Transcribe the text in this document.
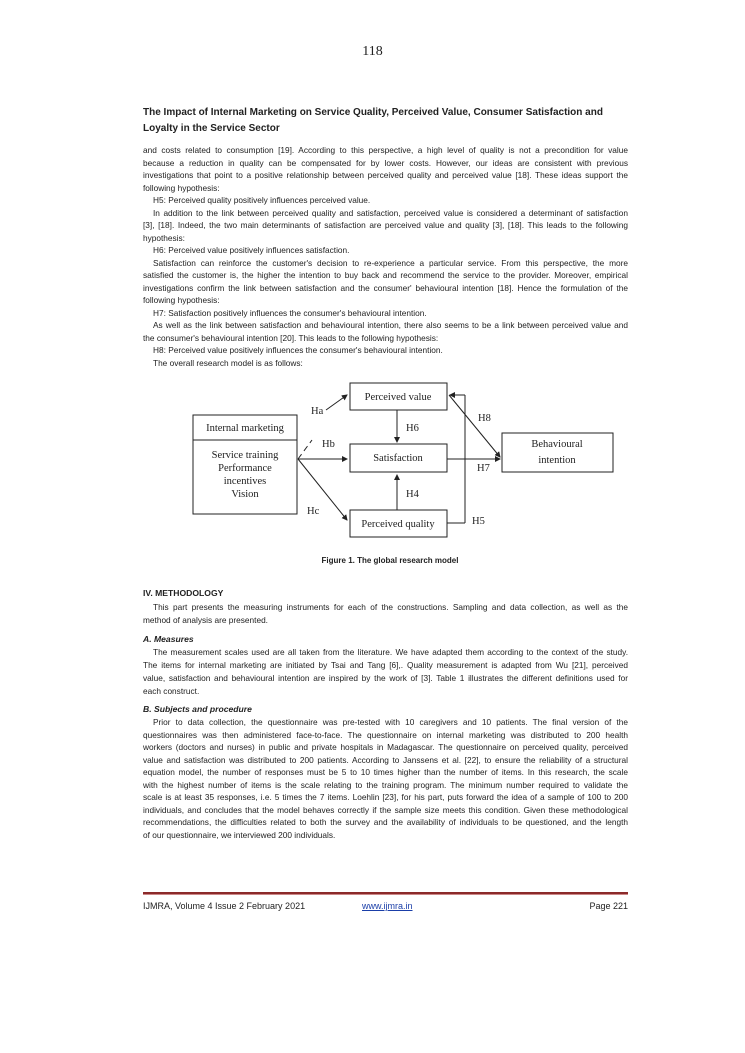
118
The Impact of Internal Marketing on Service Quality, Perceived Value, Consumer Satisfaction and Loyalty in the Service Sector
and costs related to consumption [19]. According to this perspective, a high level of quality is not a precondition for value
because a reduction in quality can be compensated for by lower costs. However, our ideas are consistent with previous
investigations that point to a positive relationship between perceived quality and perceived value [18]. These ideas support the
following hypothesis:
H5: Perceived quality positively influences perceived value.
In addition to the link between perceived quality and satisfaction, perceived value is considered a determinant of satisfaction
[3], [18]. Indeed, the two main determinants of satisfaction are perceived value and quality [3], [18]. This leads to the following
hypothesis:
H6: Perceived value positively influences satisfaction.
Satisfaction can reinforce the customer's decision to re-experience a particular service. From this perspective, the more
satisfied the customer is, the higher the intention to buy back and recommend the service to the provider. Moreover, empirical
investigations confirm the link between satisfaction and the consumer' behavioural intention [18]. Hence the formulation of the
following hypothesis:
H7: Satisfaction positively influences the consumer's behavioural intention.
As well as the link between satisfaction and behavioural intention, there also seems to be a link between perceived value and
the consumer's behavioural intention [20]. This leads to the following hypothesis:
H8: Perceived value positively influences the consumer's behavioural intention.
The overall research model is as follows:
Internal marketing
Service training
Performance
incentives
Vision
Perceived value
Satisfaction
Perceived quality
Behavioural
intention
Ha
Hb
Hc
H6
H4
H7
H8
H5
Figure 1. The global research model
IV. METHODOLOGY
This part presents the measuring instruments for each of the constructions. Sampling and data collection, as well as the
method of analysis are presented.
The measurement scales used are all taken from the literature. We have adapted them according to the context of the study.
The items for internal marketing are initiated by Tsai and Tang [6],. Quality measurement is adapted from Wu [21], perceived
value, satisfaction and behavioural intention are inspired by the work of [3]. Table 1 illustrates the different definitions used for
each construct.
Prior to data collection, the questionnaire was pre-tested with 10 caregivers and 10 patients. The final version of the
questionnaires was then administered face-to-face. The questionnaire on internal marketing was distributed to 200 health
workers (doctors and nurses) in public and private hospitals in Madagascar. The questionnaire on perceived quality, perceived
value and satisfaction was distributed to 200 patients. According to Janssens et al. [22], to ensure the reliability of a structural
equation model, the number of responses must be 5 to 10 times higher than the number of items. In this research, the scale
with the highest number of items is the scale relating to the training program. The minimum number required to validate the
scale is at least 35 responses, i.e. 5 times the 7 items. Loehlin [23], for his part, puts forward the idea of a sample of 100 to 200
individuals, and concludes that the model behaves correctly if the sample size meets this condition. Given these methodological
recommendations, the difficulties related to both the survey and the availability of individuals to be questioned, and the length
of our questionnaire, we interviewed 200 individuals.
A. Measures
B. Subjects and procedure
IJMRA, Volume 4 Issue 2 February 2021	www.ijmra.in	Page 221
